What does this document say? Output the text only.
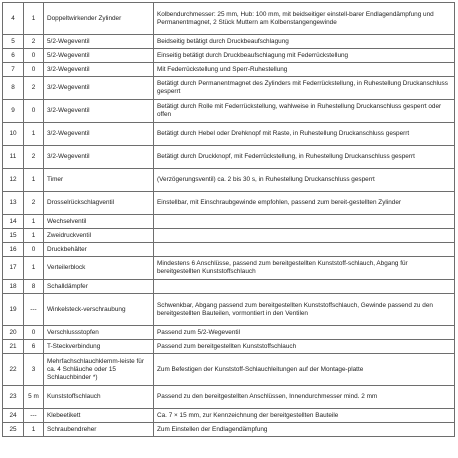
4	1	Doppeltwirkender Zylinder	Kolbendurchmesser: 25 mm, Hub: 100 mm, mit beidseitiger einstell-barer Endlagendämpfung und Permanentmagnet, 2 Stück Muttern am Kolbenstangengewinde
5	2	5/2-Wegeventil	Beidseitig betätigt durch Druckbeaufschlagung
6	0	5/2-Wegeventil	Einseitig betätigt durch Druckbeaufschlagung mit Federrückstellung
7	0	3/2-Wegeventil	Mit Federrückstellung und Sperr-Ruhestellung
8	2	3/2-Wegeventil	Betätigt durch Permanentmagnet des Zylinders mit Federrückstellung, in Ruhestellung Druckanschluss gesperrt
9	0	3/2-Wegeventil	Betätigt durch Rolle mit Federrückstellung, wahlweise in Ruhestellung Druckanschluss gesperrt oder offen
10	1	3/2-Wegeventil	Betätigt durch Hebel oder Drehknopf mit Raste, in Ruhestellung Druckanschluss gesperrt
11	2	3/2-Wegeventil	Betätigt durch Druckknopf, mit Federrückstellung, in Ruhestellung Druckanschluss gesperrt
12	1	Timer	(Verzögerungsventil) ca. 2 bis 30 s, in Ruhestellung Druckanschluss gesperrt
13	2	Drosselrückschlagventil	Einstellbar, mit Einschraubgewinde empfohlen, passend zum bereit-gestellten Zylinder
14	1	Wechselventil	
15	1	Zweidruckventil	
16	0	Druckbehälter	
17	1	Verteilerblock	Mindestens 6 Anschlüsse, passend zum bereitgestellten Kunststoff-schlauch, Abgang für bereitgestellten Kunststoffschlauch
18	8	Schalldämpfer	
19	---	Winkelsteck-verschraubung	Schwenkbar, Abgang passend zum bereitgestellten Kunststoffschlauch, Gewinde passend zu den bereitgestellten Bauteilen, vormontiert in den Ventilen
20	0	Verschlussstopfen	Passend zum 5/2-Wegeventil
21	6	T-Steckverbindung	Passend zum bereitgestellten Kunststoffschlauch
22	3	Mehrfachschlauchklemm-leiste für ca. 4 Schläuche oder 15 Schlauchbinder *)	Zum Befestigen der Kunststoff-Schlauchleitungen auf der Montage-platte
23	5 m	Kunststoffschlauch	Passend zu den bereitgestellten Anschlüssen, Innendurchmesser mind. 2 mm
24	---	Klebeetikett	Ca. 7 × 15 mm, zur Kennzeichnung der bereitgestellten Bauteile
25	1	Schraubendreher	Zum Einstellen der Endlagendämpfung
